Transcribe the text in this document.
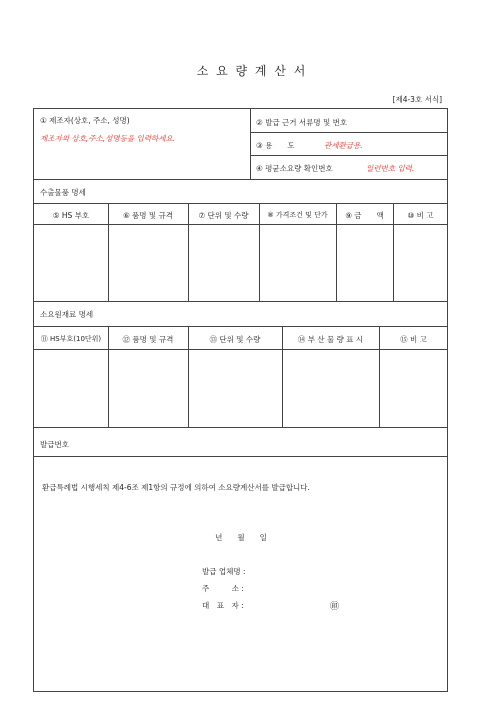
소 요 량 계 산 서
[제4-3호 서식]
① 제조자(상호, 주소, 성명)
제조자의 상호,주소,성명등을 입력하세요.
② 발급 근거 서류명 및 번호
③ 용　　도	관세환급용.
④ 평균소요량 확인번호	일련번호 입력.
수출물품 명세
⑤ HS 부호	⑥ 품명 및 규격	⑦ 단위 및 수량	⑧ 가격조건 및 단가	⑨ 금　　액	⑩ 비 고
소요원재료 명세
⑪ HS부호(10단위)	⑫ 품명 및 규격	⑬ 단위 및 수량	⑭ 부 산 물 량 표 시	⑮ 비 고
발급번호
환급특례법 시행세칙 제4-6조 제1항의 규정에 의하여 소요량계산서를 발급합니다.
년　　월　　일
발급 업체명 :
주　　　소 :
대　표　자 :	㊞
